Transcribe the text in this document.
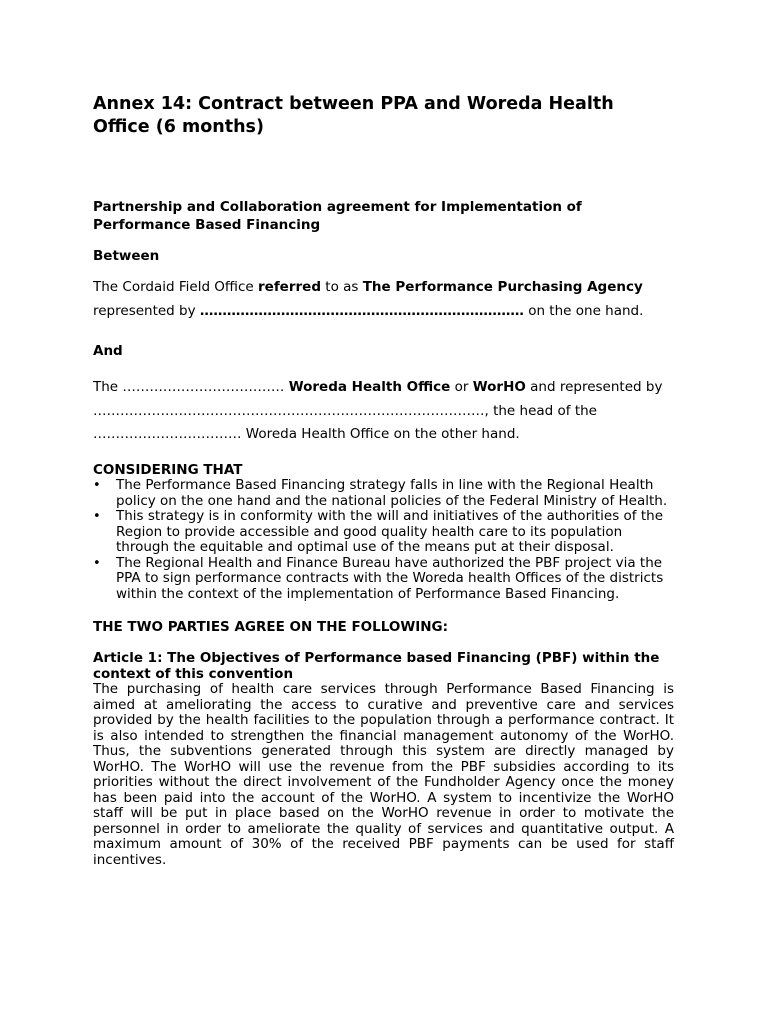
Annex 14: Contract between PPA and Woreda Health Office (6 months)

Partnership and Collaboration agreement for Implementation of Performance Based Financing

Between

The Cordaid Field Office referred to as The Performance Purchasing Agency represented by ……………………………………………………………… on the one hand.

And

The ……………………………… Woreda Health Office or WorHO and represented by ……………………………………………………………………………, the head of the …………………………… Woreda Health Office on the other hand.

CONSIDERING THAT

• The Performance Based Financing strategy falls in line with the Regional Health policy on the one hand and the national policies of the Federal Ministry of Health.
• This strategy is in conformity with the will and initiatives of the authorities of the Region to provide accessible and good quality health care to its population through the equitable and optimal use of the means put at their disposal.
• The Regional Health and Finance Bureau have authorized the PBF project via the PPA to sign performance contracts with the Woreda health Offices of the districts within the context of the implementation of Performance Based Financing.

THE TWO PARTIES AGREE ON THE FOLLOWING:

Article 1: The Objectives of Performance based Financing (PBF) within the context of this convention

The purchasing of health care services through Performance Based Financing is aimed at ameliorating the access to curative and preventive care and services provided by the health facilities to the population through a performance contract. It is also intended to strengthen the financial management autonomy of the WorHO. Thus, the subventions generated through this system are directly managed by WorHO. The WorHO will use the revenue from the PBF subsidies according to its priorities without the direct involvement of the Fundholder Agency once the money has been paid into the account of the WorHO. A system to incentivize the WorHO staff will be put in place based on the WorHO revenue in order to motivate the personnel in order to ameliorate the quality of services and quantitative output. A maximum amount of 30% of the received PBF payments can be used for staff incentives.
